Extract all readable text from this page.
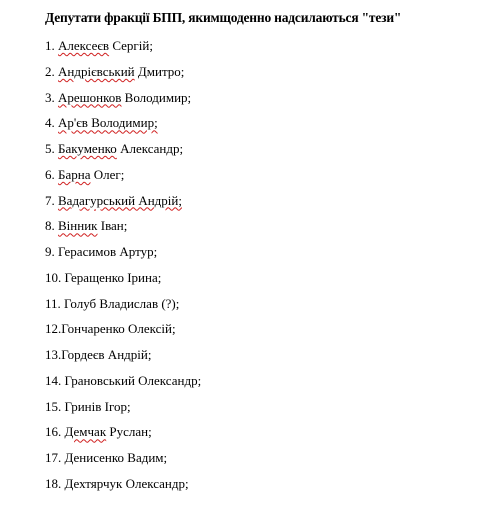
Депутати фракції БПП, якимщоденно надсилаються "тези"
1. Алексеєв Сергій;
2. Андрієвський Дмитро;
3. Арешонков Володимир;
4. Ар'єв Володимир;
5. Бакуменко Александр;
6. Барна Олег;
7. Вадагурський Андрій;
8. Вінник Іван;
9. Герасимов Артур;
10. Геращенко Ірина;
11. Голуб Владислав (?);
12.Гончаренко Олексій;
13.Гордеєв Андрій;
14. Грановський Олександр;
15. Гринів Ігор;
16. Демчак Руслан;
17. Денисенко Вадим;
18. Дехтярчук Олександр;
